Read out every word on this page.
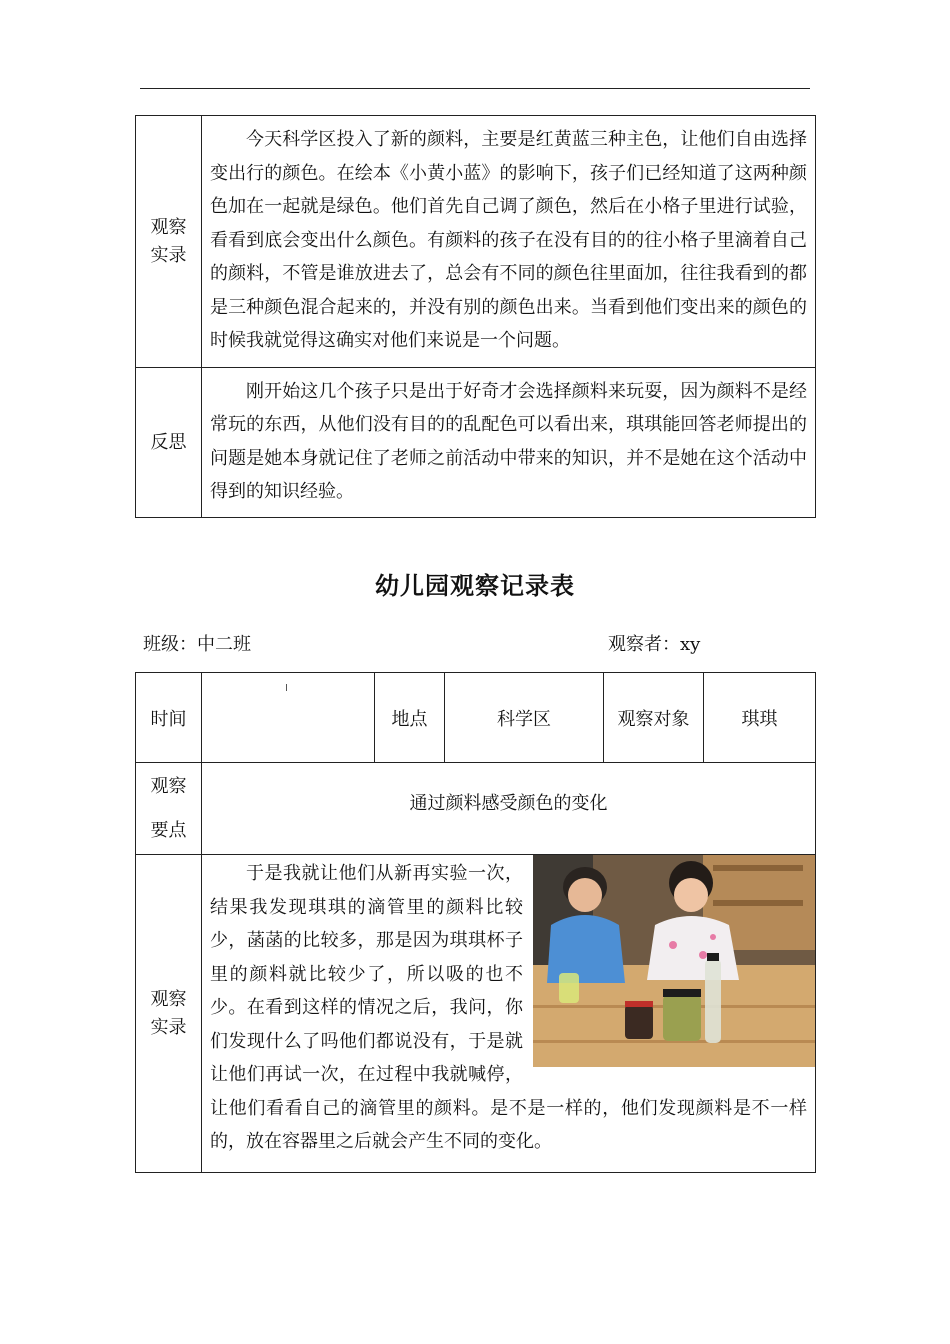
观察
实录	今天科学区投入了新的颜料，主要是红黄蓝三种主色，让他们自由选择变出行的颜色。在绘本《小黄小蓝》的影响下，孩子们已经知道了这两种颜色加在一起就是绿色。他们首先自己调了颜色，然后在小格子里进行试验，看看到底会变出什么颜色。有颜料的孩子在没有目的的往小格子里滴着自己的颜料，不管是谁放进去了，总会有不同的颜色往里面加，往往我看到的都是三种颜色混合起来的，并没有别的颜色出来。当看到他们变出来的颜色的时候我就觉得这确实对他们来说是一个问题。

反思	刚开始这几个孩子只是出于好奇才会选择颜料来玩耍，因为颜料不是经常玩的东西，从他们没有目的的乱配色可以看出来，琪琪能回答老师提出的问题是她本身就记住了老师之前活动中带来的知识，并不是她在这个活动中得到的知识经验。
幼儿园观察记录表
班级：中二班	观察者：xy
时间		地点	科学区	观察对象	琪琪

观察
要点	通过颜料感受颜色的变化				

观察
实录	于是我就让他们从新再实验一次，结果我发现琪琪的滴管里的颜料比较少，菡菡的比较多，那是因为琪琪杯子里的颜料就比较少了，所以吸的也不少。在看到这样的情况之后，我问，你们发现什么了吗他们都说没有，于是就让他们再试一次，在过程中我就喊停，让他们看看自己的滴管里的颜料。是不是一样的，他们发现颜料是不一样的，放在容器里之后就会产生不同的变化。				
